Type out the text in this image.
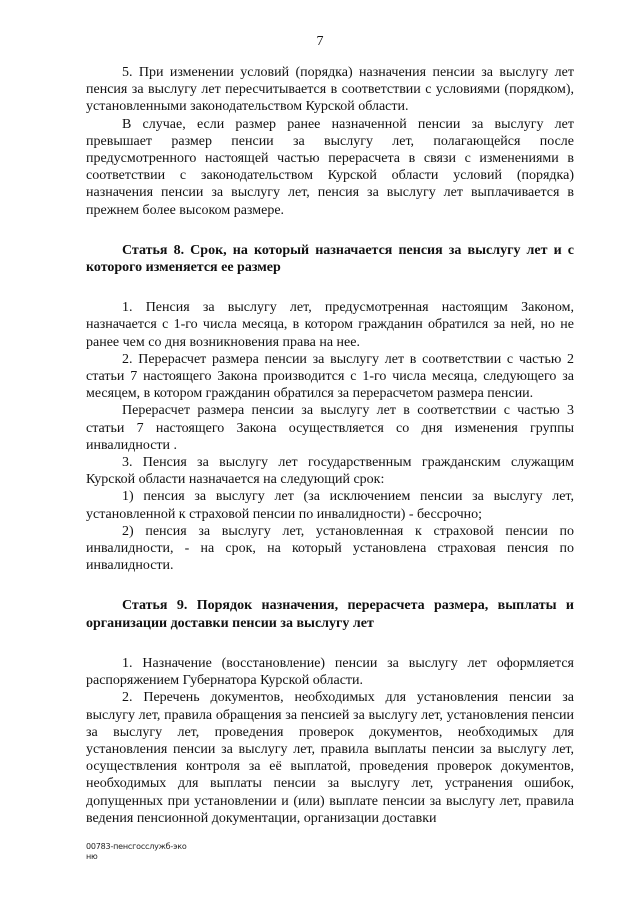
7

5. При изменении условий (порядка) назначения пенсии за выслугу лет пенсия за выслугу лет пересчитывается в соответствии с условиями (порядком), установленными законодательством Курской области.

В случае, если размер ранее назначенной пенсии за выслугу лет превышает размер пенсии за выслугу лет, полагающейся после предусмотренного настоящей частью перерасчета в связи с изменениями в соответствии с законодательством Курской области условий (порядка) назначения пенсии за выслугу лет, пенсия за выслугу лет выплачивается в прежнем более высоком размере.

Статья 8. Срок, на который назначается пенсия за выслугу лет и с которого изменяется ее размер

1. Пенсия за выслугу лет, предусмотренная настоящим Законом, назначается с 1-го числа месяца, в котором гражданин обратился за ней, но не ранее чем со дня возникновения права на нее.

2. Перерасчет размера пенсии за выслугу лет в соответствии с частью 2 статьи 7 настоящего Закона производится с 1-го числа месяца, следующего за месяцем, в котором гражданин обратился за перерасчетом размера пенсии.

Перерасчет размера пенсии за выслугу лет в соответствии с частью 3 статьи 7 настоящего Закона осуществляется со дня изменения группы инвалидности .

3. Пенсия за выслугу лет государственным гражданским служащим Курской области назначается на следующий срок:

1) пенсия за выслугу лет (за исключением пенсии за выслугу лет, установленной к страховой пенсии по инвалидности) - бессрочно;

2) пенсия за выслугу лет, установленная к страховой пенсии по инвалидности, - на срок, на который установлена страховая пенсия по инвалидности.

Статья 9. Порядок назначения, перерасчета размера, выплаты и организации доставки пенсии за выслугу лет

1. Назначение (восстановление) пенсии за выслугу лет оформляется распоряжением Губернатора Курской области.

2. Перечень документов, необходимых для установления пенсии за выслугу лет, правила обращения за пенсией за выслугу лет, установления пенсии за выслугу лет, проведения проверок документов, необходимых для установления пенсии за выслугу лет, правила выплаты пенсии за выслугу лет, осуществления контроля за её выплатой, проведения проверок документов, необходимых для выплаты пенсии за выслугу лет, устранения ошибок, допущенных при установлении и (или) выплате пенсии за выслугу лет, правила ведения пенсионной документации, организации доставки

00783-пенсгосслужб-эко
ню
